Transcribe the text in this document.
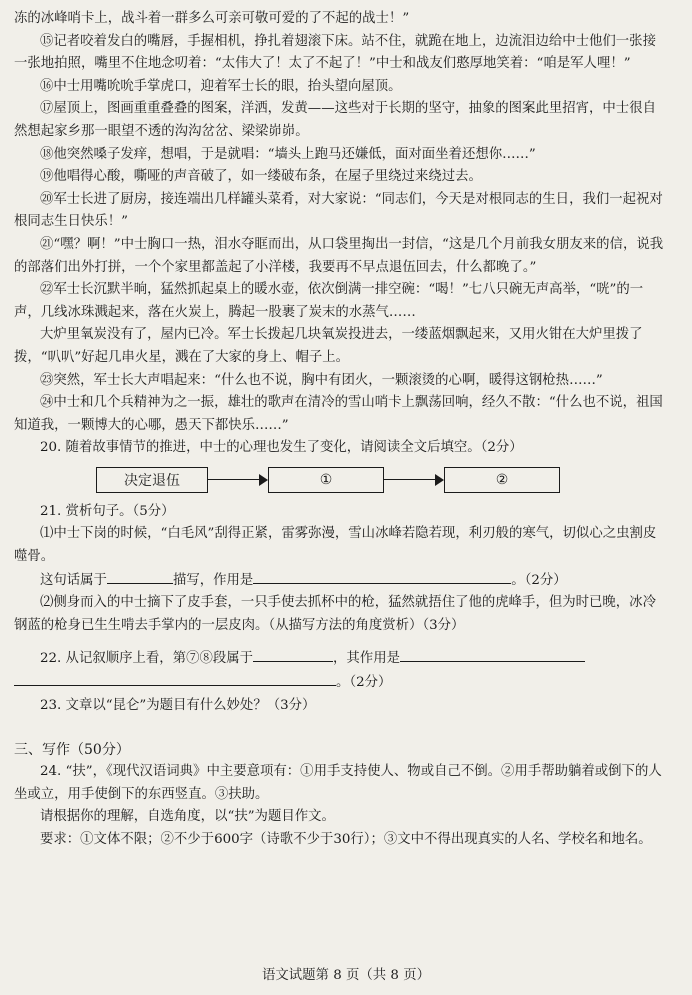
冻的冰峰哨卡上，战斗着一群多么可亲可敬可爱的了不起的战士！”

⑮记者咬着发白的嘴唇，手握相机，挣扎着翅滚下床。站不住，就跪在地上，边流泪边给中士他们一张接一张地拍照，嘴里不住地念叨着：“太伟大了！太了不起了！”中士和战友们憨厚地笑着：“咱是军人哩！”

⑯中士用嘴吮吮手掌虎口，迎着军士长的眼，抬头望向屋顶。

⑰屋顶上，图画重重叠叠的图案，洋洒，发黄——这些对于长期的坚守，抽象的图案此里招宵，中士很自然想起家乡那一眼望不透的沟沟岔岔、梁梁峁峁。

⑱他突然嗓子发痒，想唱，于是就唱：“墙头上跑马还嫌低，面对面坐着还想你……”

⑲他唱得心酸，嘶哑的声音破了，如一缕破布条，在屋子里绕过来绕过去。

⑳军士长进了厨房，接连端出几样罐头菜肴，对大家说：“同志们，今天是对根同志的生日，我们一起祝对根同志生日快乐！”

㉑“嘿？啊！”中士胸口一热，泪水夺眶而出，从口袋里掏出一封信，“这是几个月前我女朋友来的信，说我的部落们出外打拼，一个个家里都盖起了小洋楼，我要再不早点退伍回去，什么都晚了。”

㉒军士长沉默半晌，猛然抓起桌上的暖水壶，依次倒满一排空碗：“喝！”七八只碗无声高举，“咣”的一声，几线冰珠溅起来，落在火炭上，腾起一股裹了炭末的水蒸气……

大炉里氧炭没有了，屋内已冷。军士长拨起几块氧炭投进去，一缕蓝烟飘起来，又用火钳在大炉里拨了拨，“叭叭”好起几串火星，溅在了大家的身上、帽子上。

㉓突然，军士长大声唱起来：“什么也不说，胸中有团火，一颗滚烫的心啊，暖得这钢枪热……”

㉔中士和几个兵精神为之一振，雄壮的歌声在清冷的雪山哨卡上飘荡回响，经久不散：“什么也不说，祖国知道我，一颗博大的心哪，愚天下都快乐……”

20. 随着故事情节的推进，中士的心理也发生了变化，请阅读全文后填空。（2分）

决定退伍	①	②

21. 赏析句子。（5分）

⑴中士下岗的时候，“白毛风”刮得正紧，雷雾弥漫，雪山冰峰若隐若现，利刃般的寒气，切似心之虫割皮噬骨。

这句话属于	描写，作用是	。（2分）

⑵侧身而入的中士摘下了皮手套，一只手使去抓杯中的枪，猛然就捂住了他的虎峰手，但为时已晚，冰冷钢蓝的枪身已生生啃去手掌内的一层皮肉。（从描写方法的角度赏析）（3分）

22. 从记叙顺序上看，第⑦⑧段属于	，其作用是

。（2分）

23. 文章以“昆仑”为题目有什么妙处？（3分）

三、写作（50分）

24. “扶”，《现代汉语词典》中主要意项有：①用手支持使人、物或自己不倒。②用手帮助躺着或倒下的人坐或立，用手使倒下的东西竖直。③扶助。

请根据你的理解，自选角度，以“扶”为题目作文。

要求：①文体不限；②不少于600字（诗歌不少于30行）；③文中不得出现真实的人名、学校名和地名。

语文试题第 8 页（共 8 页）
